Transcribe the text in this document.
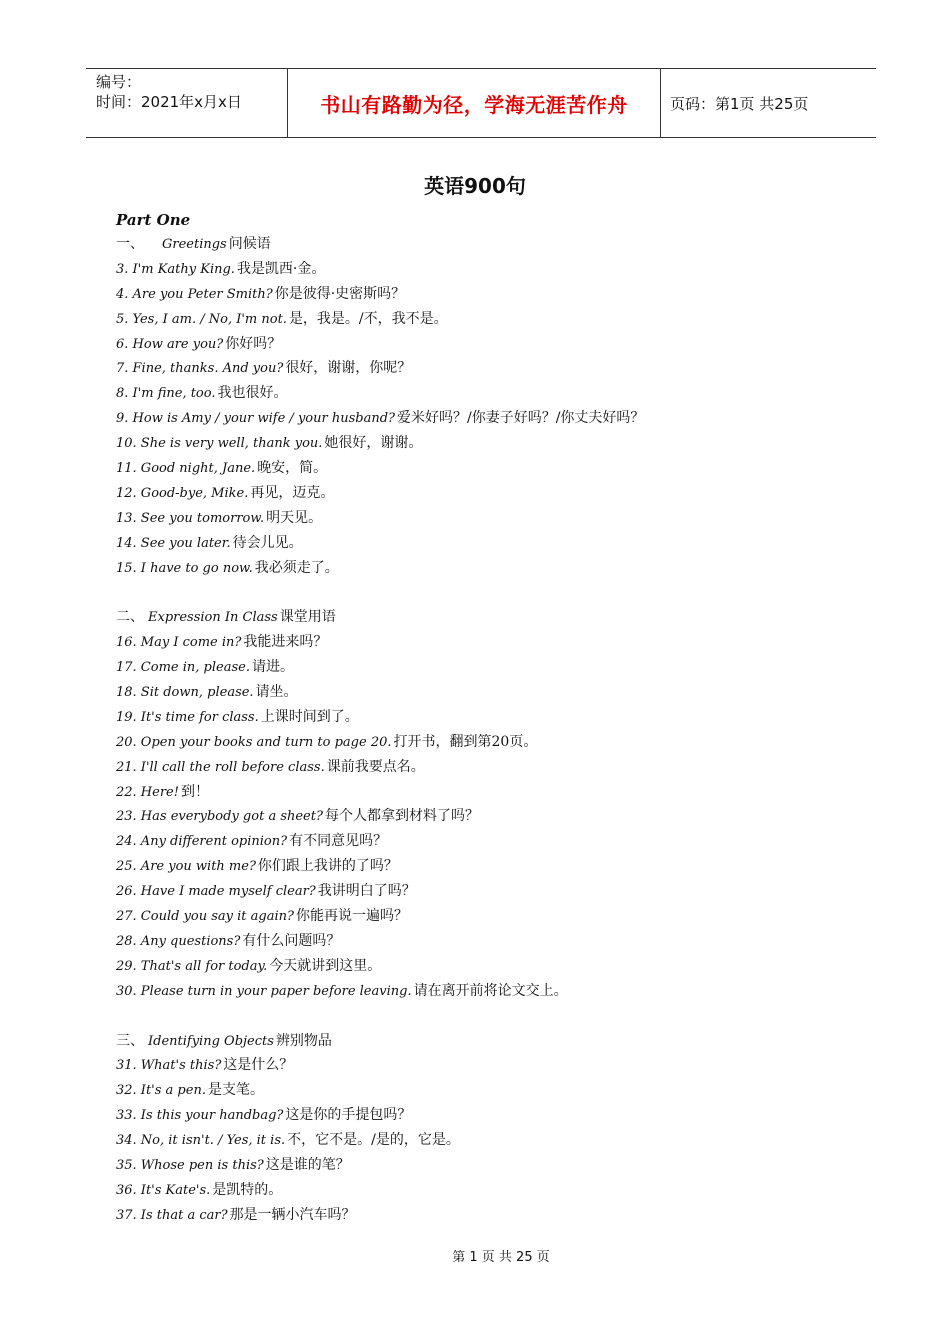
编号：
时间：2021年x月x日	书山有路勤为径，学海无涯苦作舟	页码：第1页 共25页
英语900句
Part One
一、 Greetings 问候语
3. I'm Kathy King. 我是凯西·金。
4. Are you Peter Smith? 你是彼得·史密斯吗？
5. Yes, I am. / No, I'm not. 是，我是。/不，我不是。
6. How are you? 你好吗？
7. Fine, thanks. And you? 很好，谢谢，你呢？
8. I'm fine, too. 我也很好。
9. How is Amy / your wife / your husband? 爱米好吗？/你妻子好吗？/你丈夫好吗？
10. She is very well, thank you. 她很好，谢谢。
11. Good night, Jane. 晚安，简。
12. Good-bye, Mike. 再见，迈克。
13. See you tomorrow. 明天见。
14. See you later. 待会儿见。
15. I have to go now. 我必须走了。
二、 Expression In Class 课堂用语
16. May I come in? 我能进来吗？
17. Come in, please. 请进。
18. Sit down, please. 请坐。
19. It's time for class. 上课时间到了。
20. Open your books and turn to page 20. 打开书，翻到第20页。
21. I'll call the roll before class. 课前我要点名。
22. Here! 到！
23. Has everybody got a sheet? 每个人都拿到材料了吗？
24. Any different opinion? 有不同意见吗？
25. Are you with me? 你们跟上我讲的了吗？
26. Have I made myself clear? 我讲明白了吗？
27. Could you say it again? 你能再说一遍吗？
28. Any questions? 有什么问题吗？
29. That's all for today. 今天就讲到这里。
30. Please turn in your paper before leaving. 请在离开前将论文交上。
三、 Identifying Objects 辨别物品
31. What's this? 这是什么？
32. It's a pen. 是支笔。
33. Is this your handbag? 这是你的手提包吗？
34. No, it isn't. / Yes, it is. 不，它不是。/是的，它是。
35. Whose pen is this? 这是谁的笔？
36. It's Kate's. 是凯特的。
37. Is that a car? 那是一辆小汽车吗？
第 1 页 共 25 页
